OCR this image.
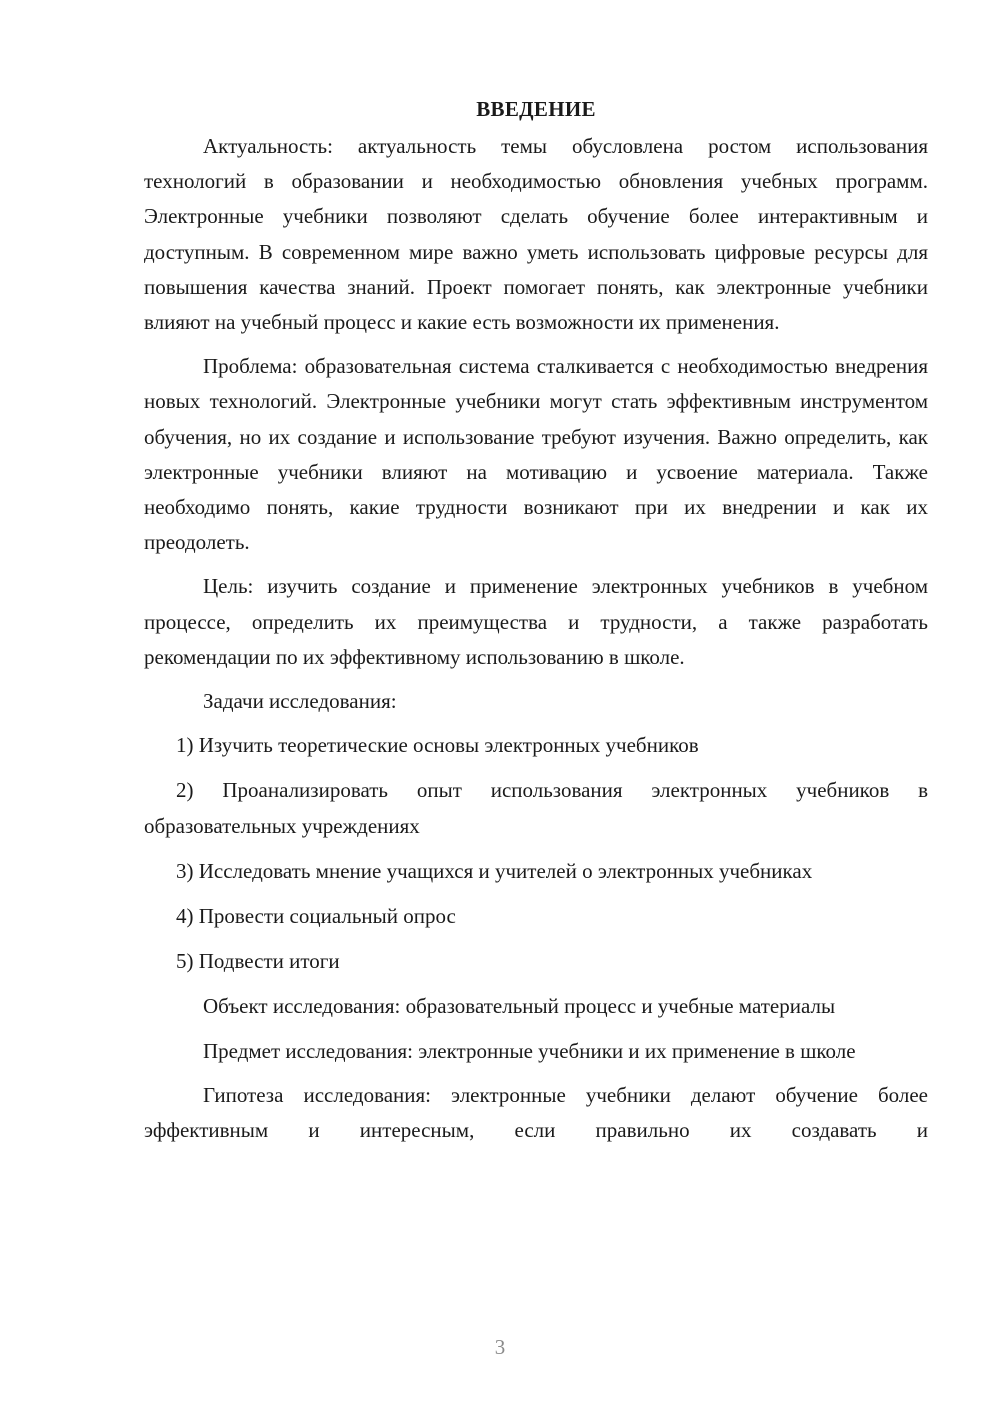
ВВЕДЕНИЕ

Актуальность: актуальность темы обусловлена ростом использования технологий в образовании и необходимостью обновления учебных программ. Электронные учебники позволяют сделать обучение более интерактивным и доступным. В современном мире важно уметь использовать цифровые ресурсы для повышения качества знаний. Проект помогает понять, как электронные учебники влияют на учебный процесс и какие есть возможности их применения.

Проблема: образовательная система сталкивается с необходимостью внедрения новых технологий. Электронные учебники могут стать эффективным инструментом обучения, но их создание и использование требуют изучения. Важно определить, как электронные учебники влияют на мотивацию и усвоение материала. Также необходимо понять, какие трудности возникают при их внедрении и как их преодолеть.

Цель: изучить создание и применение электронных учебников в учебном процессе, определить их преимущества и трудности, а также разработать рекомендации по их эффективному использованию в школе.

Задачи исследования:

1) Изучить теоретические основы электронных учебников

2) Проанализировать опыт использования электронных учебников в образовательных учреждениях

3) Исследовать мнение учащихся и учителей о электронных учебниках

4) Провести социальный опрос

5) Подвести итоги

Объект исследования: образовательный процесс и учебные материалы

Предмет исследования: электронные учебники и их применение в школе

Гипотеза исследования: электронные учебники делают обучение более эффективным и интересным, если правильно их создавать и

3
